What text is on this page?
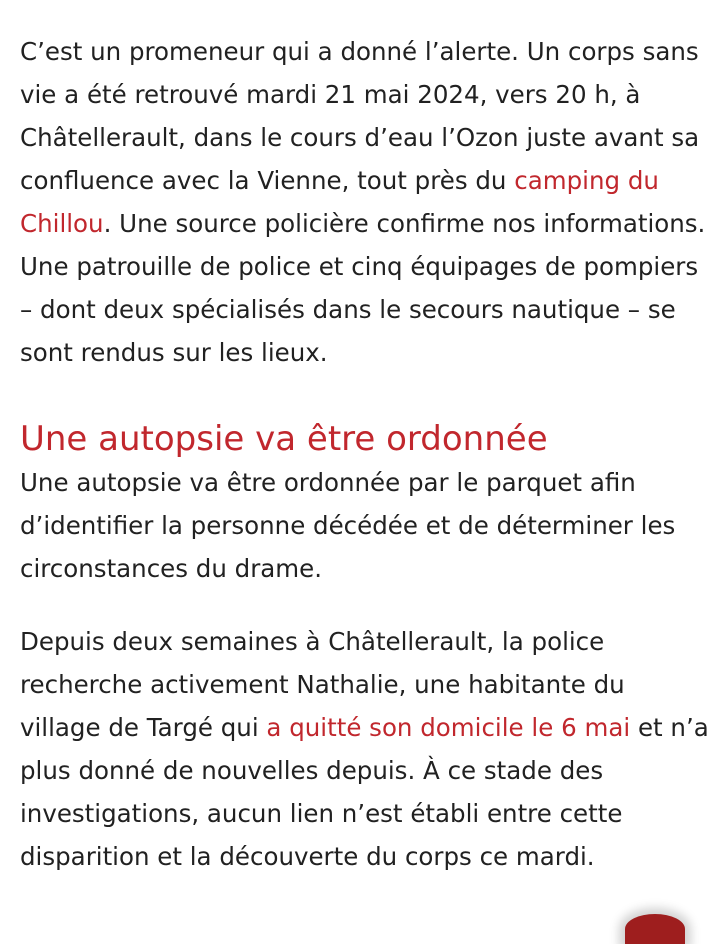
C’est un promeneur qui a donné l’alerte. Un corps sans vie a été retrouvé mardi 21 mai 2024, vers 20 h, à Châtellerault, dans le cours d’eau l’Ozon juste avant sa confluence avec la Vienne, tout près du camping du Chillou. Une source policière confirme nos informations. Une patrouille de police et cinq équipages de pompiers – dont deux spécialisés dans le secours nautique – se sont rendus sur les lieux.

Une autopsie va être ordonnée

Une autopsie va être ordonnée par le parquet afin d’identifier la personne décédée et de déterminer les circonstances du drame.

Depuis deux semaines à Châtellerault, la police recherche activement Nathalie, une habitante du village de Targé qui a quitté son domicile le 6 mai et n’a plus donné de nouvelles depuis. À ce stade des investigations, aucun lien n’est établi entre cette disparition et la découverte du corps ce mardi.
